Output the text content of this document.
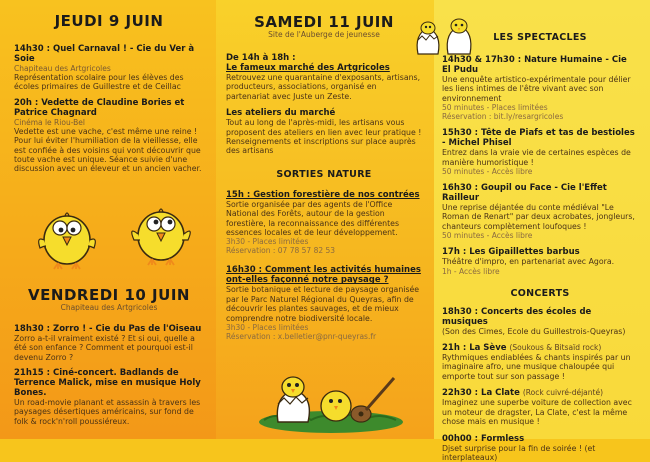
JEUDI 9 JUIN
14h30 : Quel Carnaval ! - Cie du Ver à Soie
Chapiteau des Artgricoles
Représentation scolaire pour les élèves des écoles primaires de Guillestre et de Ceillac
20h : Vedette de Claudine Bories et Patrice Chagnard
Cinéma le Riou-Bel
Vedette est une vache, c'est même une reine ! Pour lui éviter l'humiliation de la vieillesse, elle est confiée à des voisins qui vont découvrir que toute vache est unique. Séance suivie d'une discussion avec un éleveur et un ancien vacher.
VENDREDI 10 JUIN
Chapiteau des Artgricoles
18h30 : Zorro ! - Cie du Pas de l'Oiseau
Zorro a-t-il vraiment existé ? Et si oui, quelle a été son enfance ? Comment et pourquoi est-il devenu Zorro ?
21h15 : Ciné-concert. Badlands de Terrence Malick, mise en musique Holy Bones.
Un road-movie planant et assassin à travers les paysages désertiques américains, sur fond de folk & rock'n'roll poussiéreux.
SAMEDI 11 JUIN
Site de l'Auberge de jeunesse
De 14h à 18h :
Le fameux marché des Artgricoles
Retrouvez une quarantaine d'exposants, artisans, producteurs, associations, organisé en partenariat avec Juste un Zeste.
Les ateliers du marché
Tout au long de l'après-midi, les artisans vous proposent des ateliers en lien avec leur pratique ! Renseignements et inscriptions sur place auprès des artisans
SORTIES NATURE
15h : Gestion forestière de nos contrées
Sortie organisée par des agents de l'Office National des Forêts, autour de la gestion forestière, la reconnaissance des différentes essences locales et de leur développement.
3h30 - Places limitées
Réservation : 07 78 57 82 53
16h30 : Comment les activités humaines ont-elles façonné notre paysage ?
Sortie botanique et lecture de paysage organisée par le Parc Naturel Régional du Queyras, afin de découvrir les plantes sauvages, et de mieux comprendre notre biodiversité locale.
3h30 - Places limitées
Réservation : x.belletier@pnr-queyras.fr
LES SPECTACLES
14h30 & 17h30 : Nature Humaine - Cie El Pudu
Une enquête artistico-expérimentale pour délier les liens intimes de l'être vivant avec son environnement
50 minutes - Places limitées
Réservation : bit.ly/resargricoles
15h30 : Tête de Piafs et tas de bestioles - Michel Phisel
Entrez dans la vraie vie de certaines espèces de manière humoristique !
50 minutes - Accès libre
16h30 : Goupil ou Face - Cie l'Effet Railleur
Une reprise déjantée du conte médiéval "Le Roman de Renart" par deux acrobates, jongleurs, chanteurs complètement loufoques !
50 minutes - Accès libre
17h : Les Gipaillettes barbus
Théâtre d'impro, en partenariat avec Agora.
1h - Accès libre
CONCERTS
18h30 : Concerts des écoles de musiques
(Son des Cimes, Ecole du Guillestrois-Queyras)
21h : La Sève (Soukous & Bitsaïd rock)
Rythmiques endiablées & chants inspirés par un imaginaire afro, une musique chaloupée qui emporte tout sur son passage !
22h30 : La Clate (Rock cuivré-déjanté)
Imaginez une superbe voiture de collection avec un moteur de dragster, La Clate, c'est la même chose mais en musique !
00h00 : Formless
Djset surprise pour la fin de soirée ! (et interplateaux)
